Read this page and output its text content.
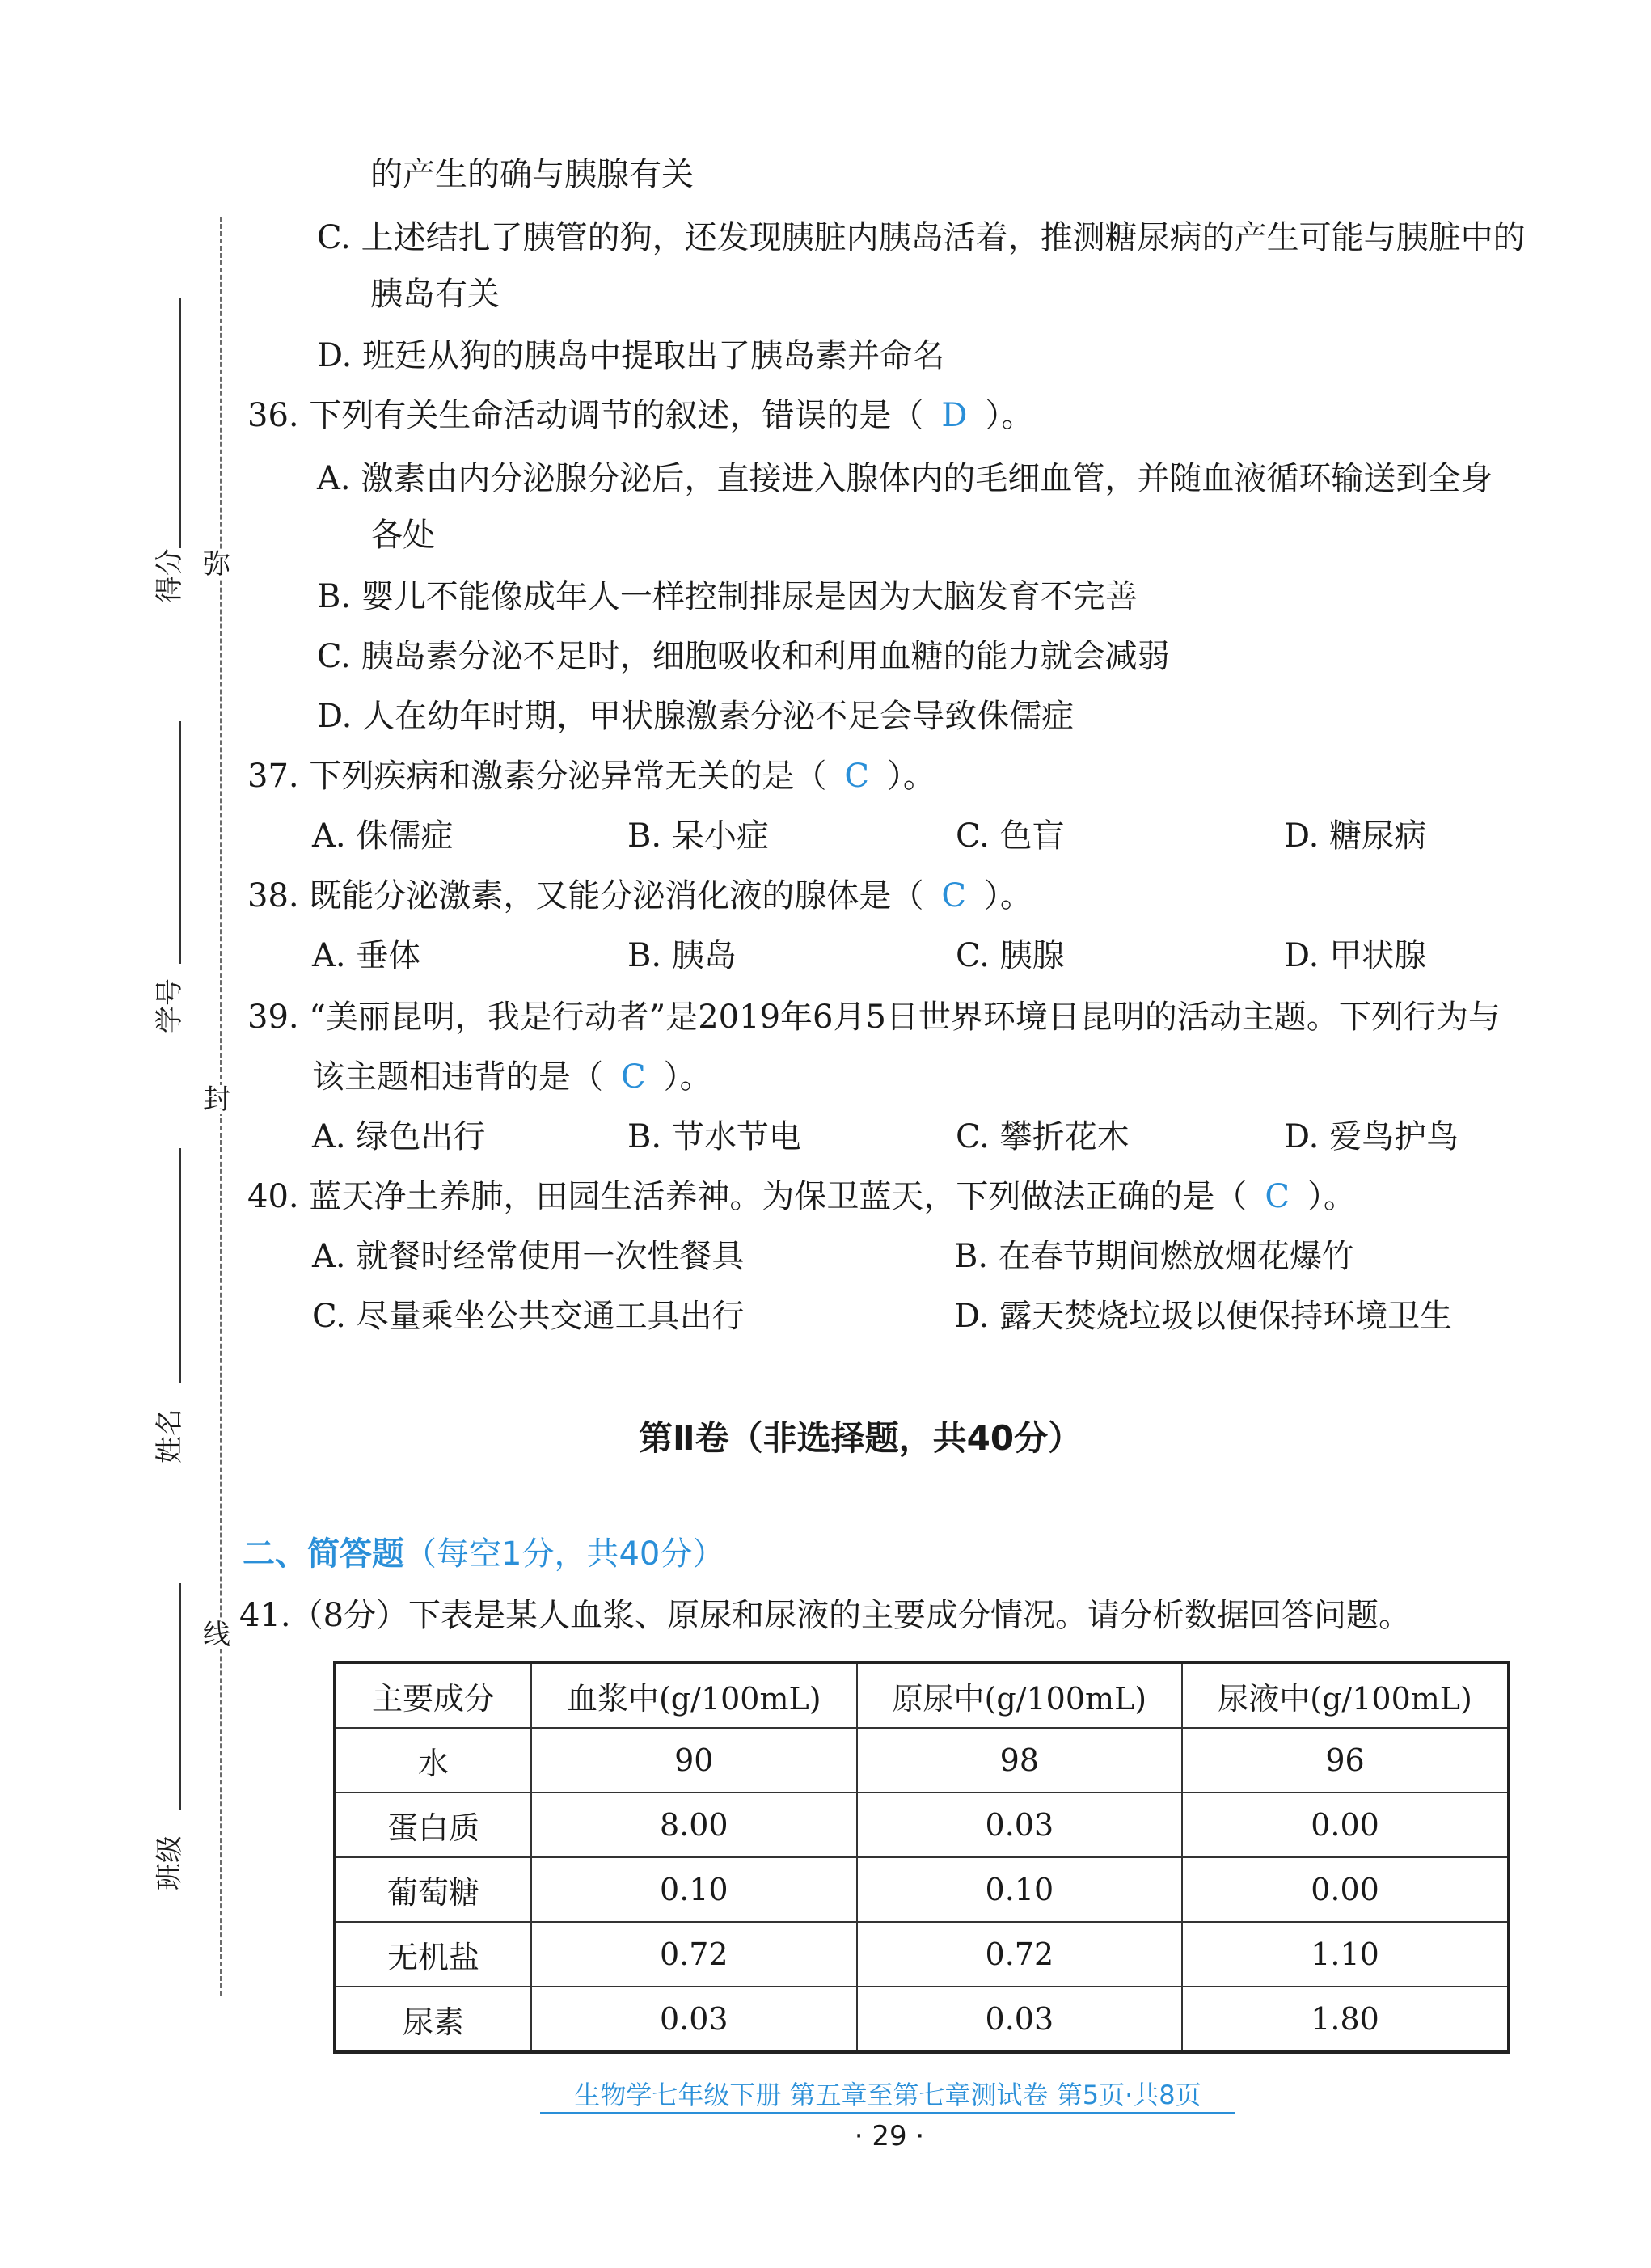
弥
封
线
得分
学号
姓名
班级
的产生的确与胰腺有关
C. 上述结扎了胰管的狗，还发现胰脏内胰岛活着，推测糖尿病的产生可能与胰脏中的
胰岛有关
D. 班廷从狗的胰岛中提取出了胰岛素并命名
36. 下列有关生命活动调节的叙述，错误的是（ D ）。
A. 激素由内分泌腺分泌后，直接进入腺体内的毛细血管，并随血液循环输送到全身
各处
B. 婴儿不能像成年人一样控制排尿是因为大脑发育不完善
C. 胰岛素分泌不足时，细胞吸收和利用血糖的能力就会减弱
D. 人在幼年时期，甲状腺激素分泌不足会导致侏儒症
37. 下列疾病和激素分泌异常无关的是（ C ）。
A. 侏儒症	B. 呆小症	C. 色盲	D. 糖尿病
38. 既能分泌激素，又能分泌消化液的腺体是（ C ）。
A. 垂体	B. 胰岛	C. 胰腺	D. 甲状腺
39. “美丽昆明，我是行动者”是2019年6月5日世界环境日昆明的活动主题。下列行为与
该主题相违背的是（ C ）。
A. 绿色出行	B. 节水节电	C. 攀折花木	D. 爱鸟护鸟
40. 蓝天净土养肺，田园生活养神。为保卫蓝天，下列做法正确的是（ C ）。
A. 就餐时经常使用一次性餐具	B. 在春节期间燃放烟花爆竹
C. 尽量乘坐公共交通工具出行	D. 露天焚烧垃圾以便保持环境卫生
第Ⅱ卷（非选择题，共40分）
二、简答题（每空1分，共40分）
41.（8分）下表是某人血浆、原尿和尿液的主要成分情况。请分析数据回答问题。
主要成分	血浆中(g/100mL)	原尿中(g/100mL)	尿液中(g/100mL)
水	90	98	96
蛋白质	8.00	0.03	0.00
葡萄糖	0.10	0.10	0.00
无机盐	0.72	0.72	1.10
尿素	0.03	0.03	1.80
生物学七年级下册 第五章至第七章测试卷 第5页·共8页
· 29 ·
